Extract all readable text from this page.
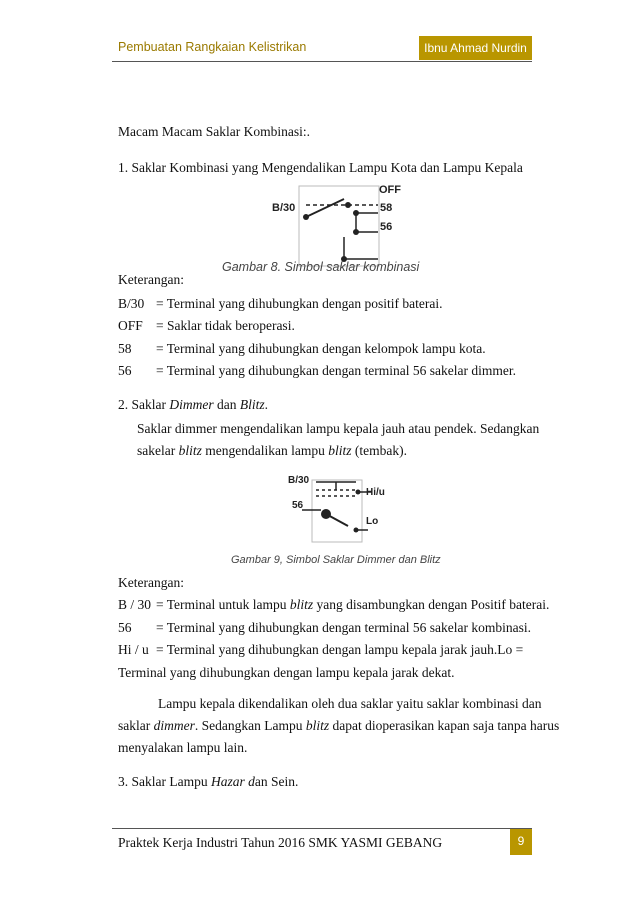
Pembuatan Rangkaian Kelistrikan	Ibnu Ahmad Nurdin
Macam Macam Saklar Kombinasi:.
1. Saklar Kombinasi yang Mengendalikan Lampu Kota dan Lampu Kepala
B/30
OFF
58
56
Gambar 8. Simbol saklar kombinasi
Keterangan:
B/30 = Terminal yang dihubungkan dengan positif baterai.
OFF = Saklar tidak beroperasi.
58 = Terminal yang dihubungkan dengan kelompok lampu kota.
56 = Terminal yang dihubungkan dengan terminal 56 sakelar dimmer.
2. Saklar Dimmer dan Blitz.
Saklar dimmer mengendalikan lampu kepala jauh atau pendek. Sedangkan
sakelar blitz mengendalikan lampu blitz (tembak).
B/30
Hi/u
56
Lo
Gambar 9, Simbol Saklar Dimmer dan Blitz
Keterangan:
B / 30 = Terminal untuk lampu blitz yang disambungkan dengan Positif baterai.
56 = Terminal yang dihubungkan dengan terminal 56 sakelar kombinasi.
Hi / u = Terminal yang dihubungkan dengan lampu kepala jarak jauh.Lo =
Terminal yang dihubungkan dengan lampu kepala jarak dekat.
Lampu kepala dikendalikan oleh dua saklar yaitu saklar kombinasi dan
saklar dimmer. Sedangkan Lampu blitz dapat dioperasikan kapan saja tanpa harus
menyalakan lampu lain.
3. Saklar Lampu Hazar dan Sein.
Praktek Kerja Industri Tahun 2016 SMK YASMI GEBANG	9
